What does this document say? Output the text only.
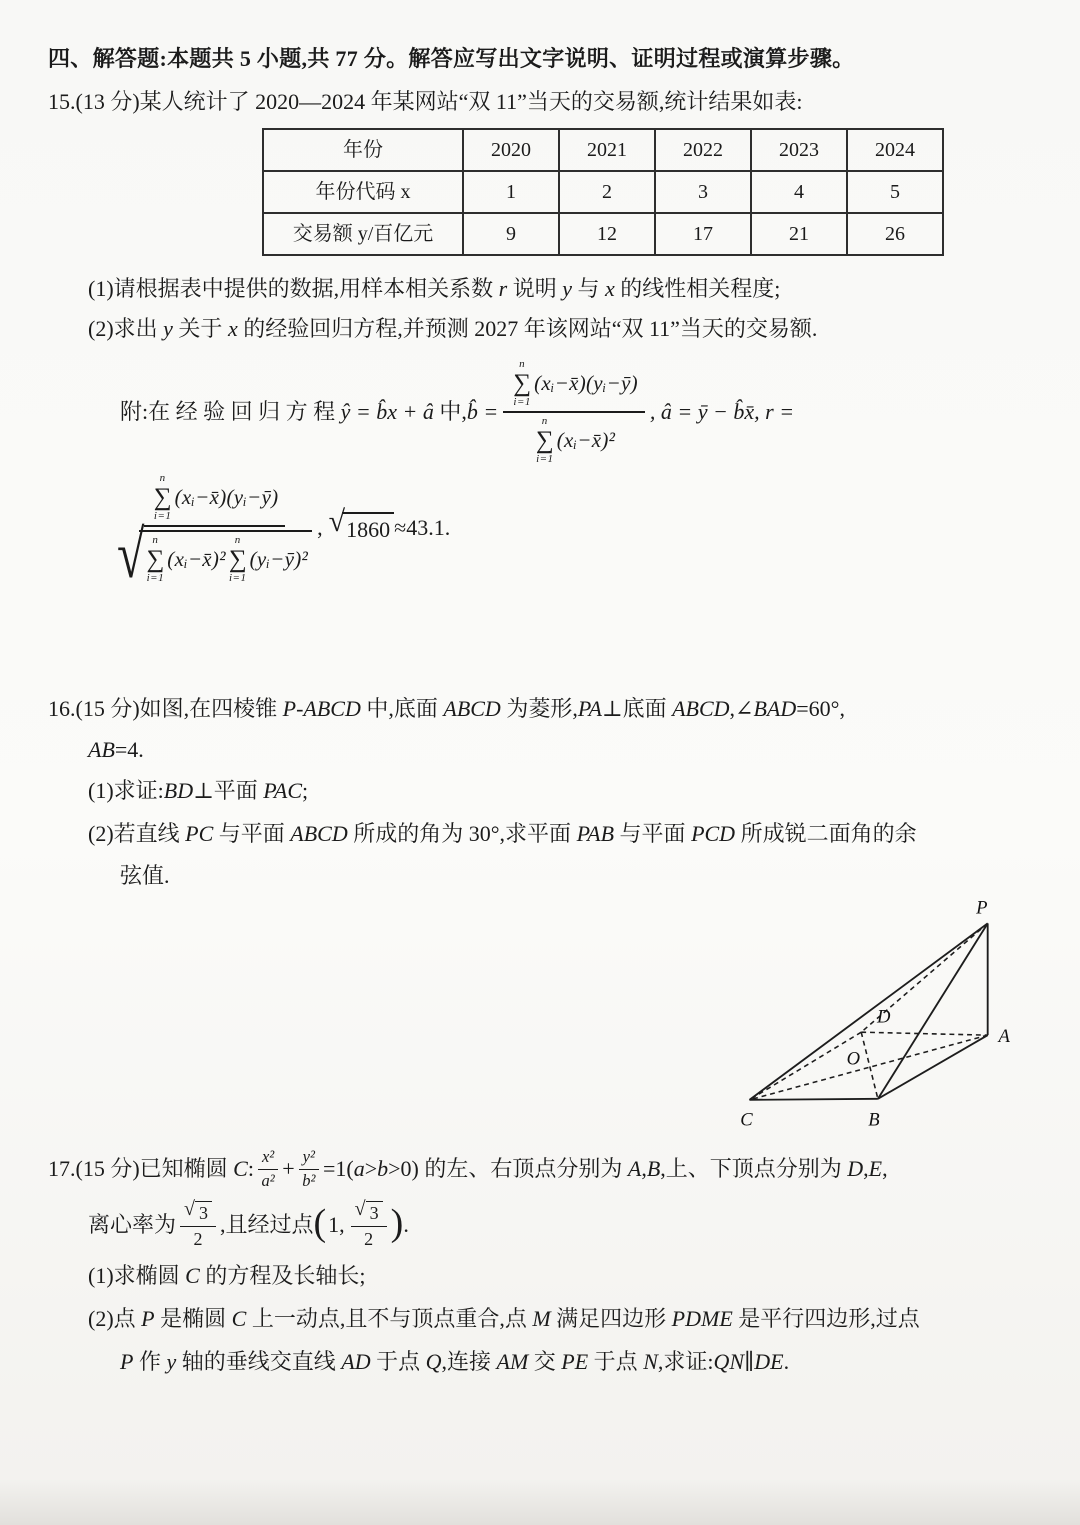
四、解答题:本题共 5 小题,共 77 分。解答应写出文字说明、证明过程或演算步骤。
15.(13 分)某人统计了 2020—2024 年某网站“双 11”当天的交易额,统计结果如表:
年份	2020	2021	2022	2023	2024
年份代码 x	1	2	3	4	5
交易额 y/百亿元	9	12	17	21	26
(1)请根据表中提供的数据,用样本相关系数 r 说明 y 与 x 的线性相关程度;
(2)求出 y 关于 x 的经验回归方程,并预测 2027 年该网站“双 11”当天的交易额.
附:在 经 验 回 归 方 程 ŷ = b̂x + â 中,b̂ = n
∑
i=1
(xᵢ−x̄)(yᵢ−ȳ)
n
∑
i=1
(xᵢ−x̄)² , â = ȳ − b̂x̄, r =
n
∑
i=1
(xᵢ−x̄)(yᵢ−ȳ)
√ n
∑
i=1
(xᵢ−x̄)²
n
∑
i=1
(yᵢ−ȳ)²
, √ 1860 ≈43.1.
16.(15 分)如图,在四棱锥 P-ABCD 中,底面 ABCD 为菱形,PA⊥底面 ABCD,∠BAD=60°,
AB=4.
(1)求证:BD⊥平面 PAC;
(2)若直线 PC 与平面 ABCD 所成的角为 30°,求平面 PAB 与平面 PCD 所成锐二面角的余
弦值.
P
A
D
O
C	B
17.(15 分)已知椭圆 C: x²
$a^2 + \frac{\text{y²}}{\text{b²}} =1(a>b>0)$ 的左、右顶点分别为 A,B,上、下顶点分别为 D,E,
离心率为
√ 3
2
,且经过点 ( 1,
√ 3
2 ) .
(1)求椭圆 C 的方程及长轴长;
(2)点 P 是椭圆 C 上一动点,且不与顶点重合,点 M 满足四边形 PDME 是平行四边形,过点
P 作 y 轴的垂线交直线 AD 于点 Q,连接 AM 交 PE 于点 N,求证:QN∥DE.
